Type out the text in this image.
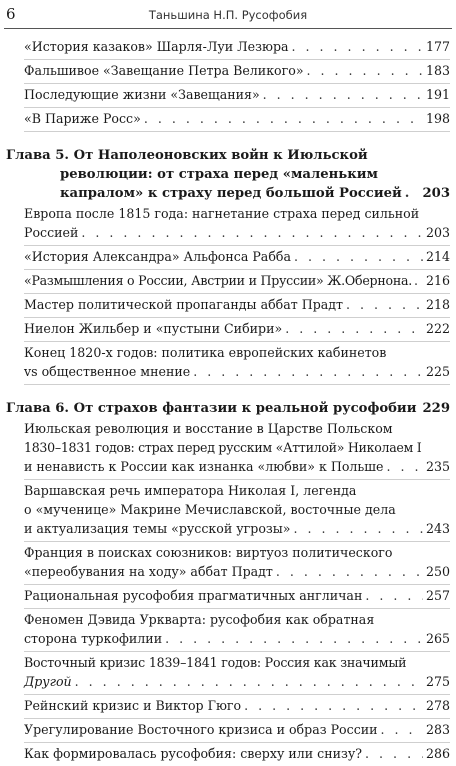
6	Таньшина Н.П. Русофобия
«История казаков» Шарля-Луи Лезюра . . .	177
Фальшивое «Завещание Петра Великого» . . .	183
Последующие жизни «Завещания» . . .	191
«В Париже Росс» . . .	198
Глава 5. От Наполеоновских войн к Июльской
революции: от страха перед «маленьким
капралом» к страху перед большой Россией . . . 203
Европа после 1815 года: нагнетание страха перед сильной
Россией . . .	203
«История Александра» Альфонса Рабба . . .	214
«Размышления о России, Австрии и Пруссии» Ж.Обернона. . . . 216
Мастер политической пропаганды аббат Прадт . . .	218
Ниелон Жильбер и «пустыни Сибири» . . .	222
Конец 1820-х годов: политика европейских кабинетов
vs общественное мнение . . .	225
Глава 6. От страхов фантазии к реальной русофобии 229
Июльская революция и восстание в Царстве Польском
1830–1831 годов: страх перед русским «Аттилой» Николаем I
и ненависть к России как изнанка «любви» к Польше . . .	235
Варшавская речь императора Николая I, легенда
о «мученице» Макрине Мечиславской, восточные дела
и актуализация темы «русской угрозы» . . .	243
Франция в поисках союзников: виртуоз политического
«переобувания на ходу» аббат Прадт . . .	250
Рациональная русофобия прагматичных англичан . . .	257
Феномен Дэвида Уркварта: русофобия как обратная
сторона туркофилии . . .	265
Восточный кризис 1839–1841 годов: Россия как значимый
Другой . . .	275
Рейнский кризис и Виктор Гюго . . .	278
Урегулирование Восточного кризиса и образ России . . .	283
Как формировалась русофобия: сверху или снизу? . . .	286
